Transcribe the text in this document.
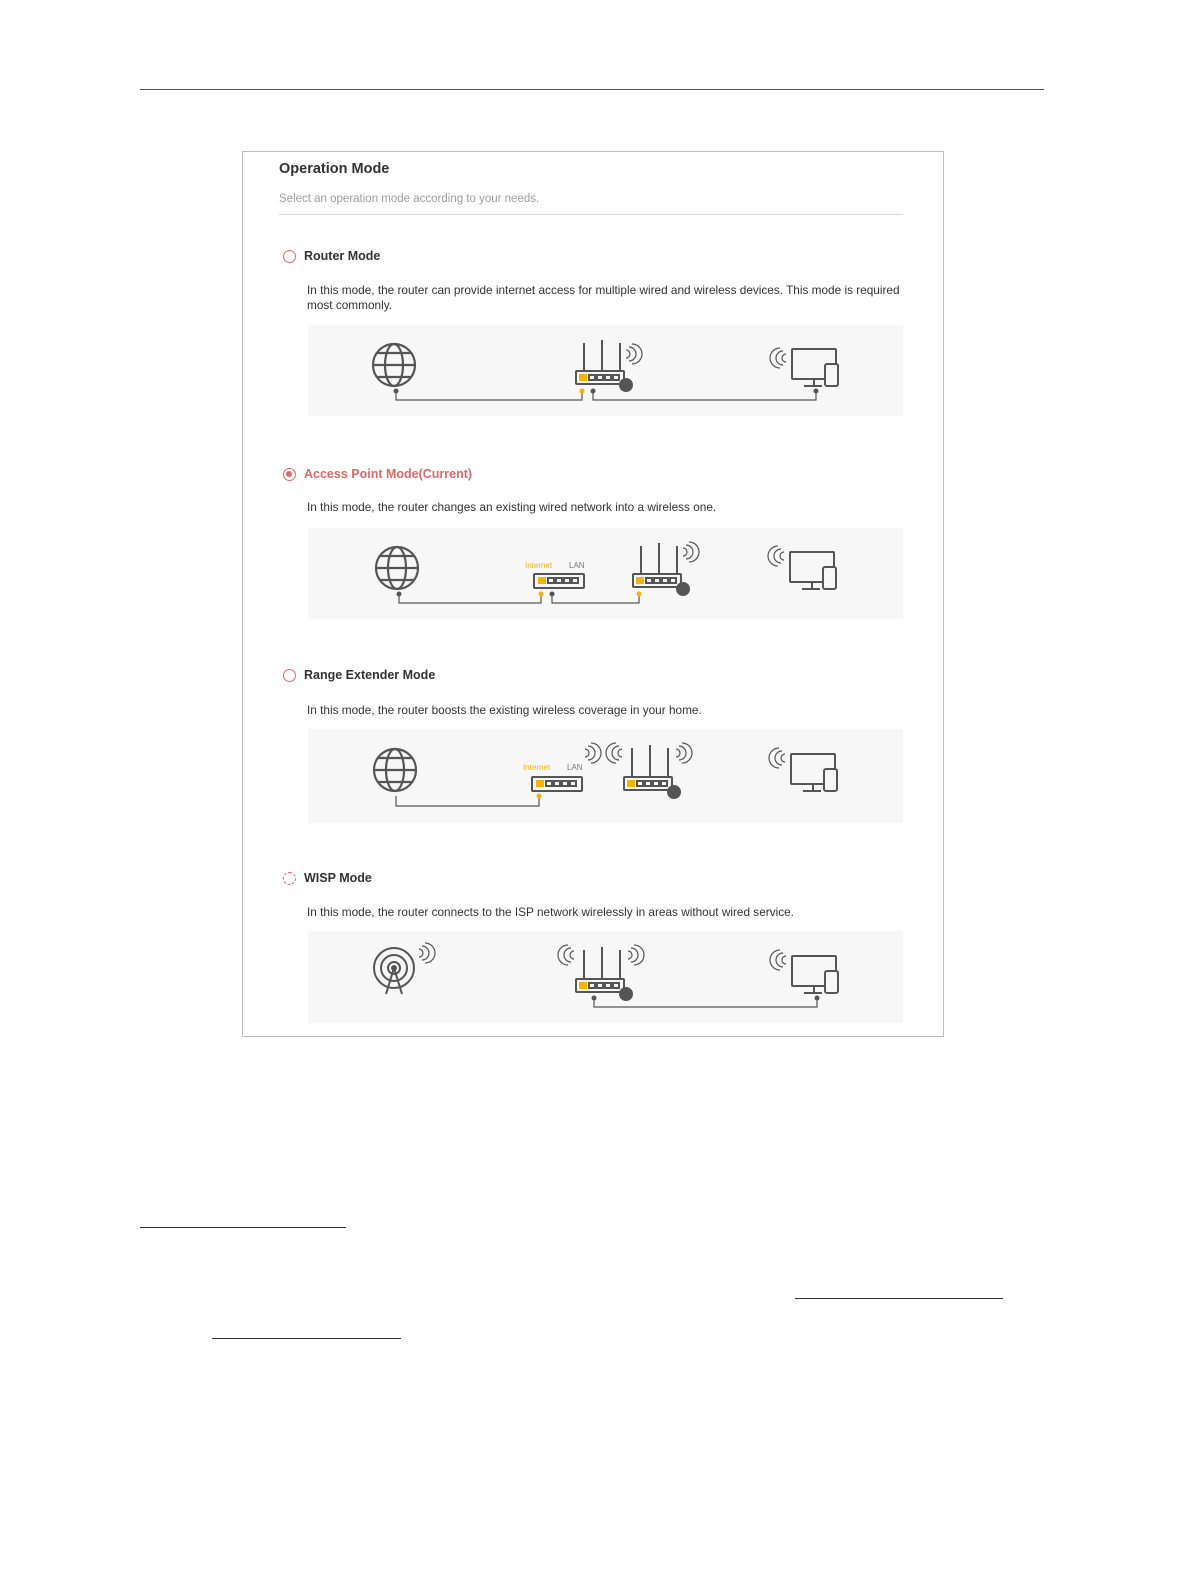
Operation Mode
Select an operation mode according to your needs.
Router Mode
In this mode, the router can provide internet access for multiple wired and wireless devices. This mode is required most commonly.
Access Point Mode(Current)
In this mode, the router changes an existing wired network into a wireless one.
Internet LAN
Range Extender Mode
In this mode, the router boosts the existing wireless coverage in your home.
Internet LAN
WISP Mode
In this mode, the router connects to the ISP network wirelessly in areas without wired service.
